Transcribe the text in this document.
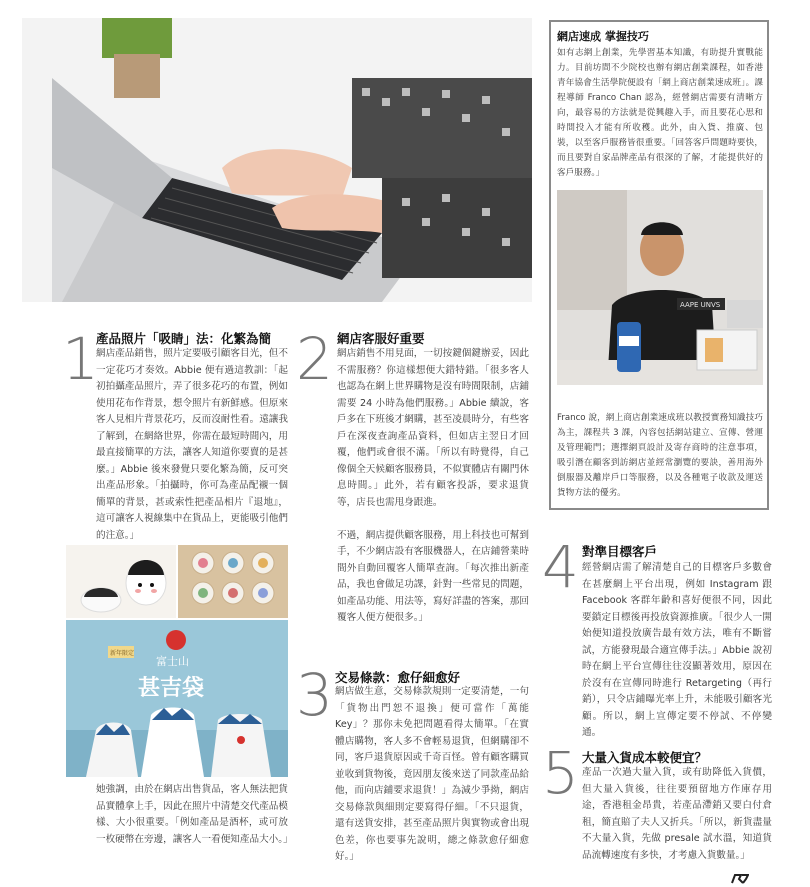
網店速成 掌握技巧
如有志網上創業，先學習基本知識，有助提升實戰能力。目前坊間不少院校也辦有網店創業課程，如香港青年協會生活學院便設有「網上商店創業速成班」。課程導師 Franco Chan 認為，經營網店需要有清晰方向，最容易的方法就是從興趣入手，而且要花心思和時間投入才能有所收穫。此外，由入貨、推廣、包裝，以至客戶服務皆很重要。「回答客戶問題時要快，而且要對自家品牌產品有很深的了解，才能提供好的客戶服務。」
AAPE UNVS
Franco 說，網上商店創業速成班以教授實務知識技巧為主，課程共 3 課，內容包括網站建立、宣傳、營運及管理範門；選擇網頁設計及寄存商時的注意事項，吸引潛在顧客到訪網店並經常瀏覽的要訣，善用海外倒服器及離岸戶口等服務，以及各種電子收款及運送貨物方法的優劣。
1
產品照片「吸睛」法：化繁為簡
網店產品銷售，照片定要吸引顧客目光，但不一定花巧才奏效。Abbie 便有過這教訓：「起初拍攝產品照片，弄了很多花巧的布置，例如使用花布作背景，想令照片有新鮮感。但原來客人見相片背景花巧，反而沒耐性看。遠讓我了解到，在網絡世界，你需在最短時間內，用最直接簡單的方法，讓客人知道你要賣的是甚麼。」Abbie 後來發覺只要化繁為簡，反可突出產品形象。「拍攝時，你可為產品配襯一個簡單的背景，甚或索性把產品相片『退地』，這可讓客人視線集中在貨品上，更能吸引他們的注意。」
新年限定
富士山
甚吉袋
她強調，由於在網店出售貨品，客人無法把貨品實體拿上手，因此在照片中清楚交代產品模樣、大小很重要。「例如產品是酒杯，或可放一枚硬幣在旁邊，讓客人一看便知產品大小。」
2 網店客服好重要
網店銷售不用見面，一切按鍵個鍵辦妥，因此不需服務？你這樣想便大錯特錯。「很多客人也認為在網上世界購物是沒有時間限制，店鋪需要 24 小時為他們服務。」Abbie 續說，客戶多在下班後才網購，甚至凌晨時分，有些客戶在深夜查詢產品資料，但如店主翌日才回覆，他們或會很不滿。「所以有時覺得，自己像個全天候顧客服務員，不似實體店有關門休息時間。」此外，若有顧客投訴，要求退貨等，店長也需甩身跟進。

不過，網店提供顧客服務，用上科技也可幫到手，不少網店設有客服機器人，在店鋪營業時間外自動回覆客人簡單查詢。「每次推出新產品，我也會做足功課，針對一些常見的問題，如產品功能、用法等，寫好詳盡的答案，那回覆客人便方便很多。」
3 交易條款：愈仔細愈好
網店做生意，交易條款規則一定要清楚，一句「貨物出門恕不退換」便可當作「萬能Key」？那你未免把問題看得太簡單。「在實體店購物，客人多不會輕易退貨，但網購卻不同，客戶退貨原因或千奇百怪。曾有顧客購買並收到貨物後，竟因朋友後來送了同款產品給他，而向店鋪要求退貨！」為減少爭拗，網店交易條款與細則定要寫得仔細。「不只退貨，還有送貨安排，甚至產品照片與實物或會出現色差，你也要事先說明，總之條款愈仔細愈好。」
4 對準目標客戶
經營網店需了解清楚自己的目標客戶多數會在甚麼網上平台出現，例如 Instagram 跟 Facebook 客群年齡和喜好便很不同，因此要鎖定目標後再投放資源推廣。「很少人一開始便知道投放廣告最有效方法，唯有不斷嘗試，方能發現最合適宣傳手法。」Abbie 說初時在網上平台宣傳往往沒顯著效用，原因在於沒有在宣傳同時進行 Retargeting（再行銷），只令店鋪曝光率上升，未能吸引顧客光顧。所以，網上宣傳定要不停試、不停變通。
5 大量入貨成本較便宜？
產品一次過大量入貨，或有助降低入貨價，但大量入貨後，往往要預留地方作庫存用途，香港租金昂貴，若產品滯銷又要白付倉租，簡直賠了夫人又折兵。「所以，新貨盡量不大量入貨，先做 presale 試水溫，知道貨品流轉速度有多快，才考慮入貨數量。」
